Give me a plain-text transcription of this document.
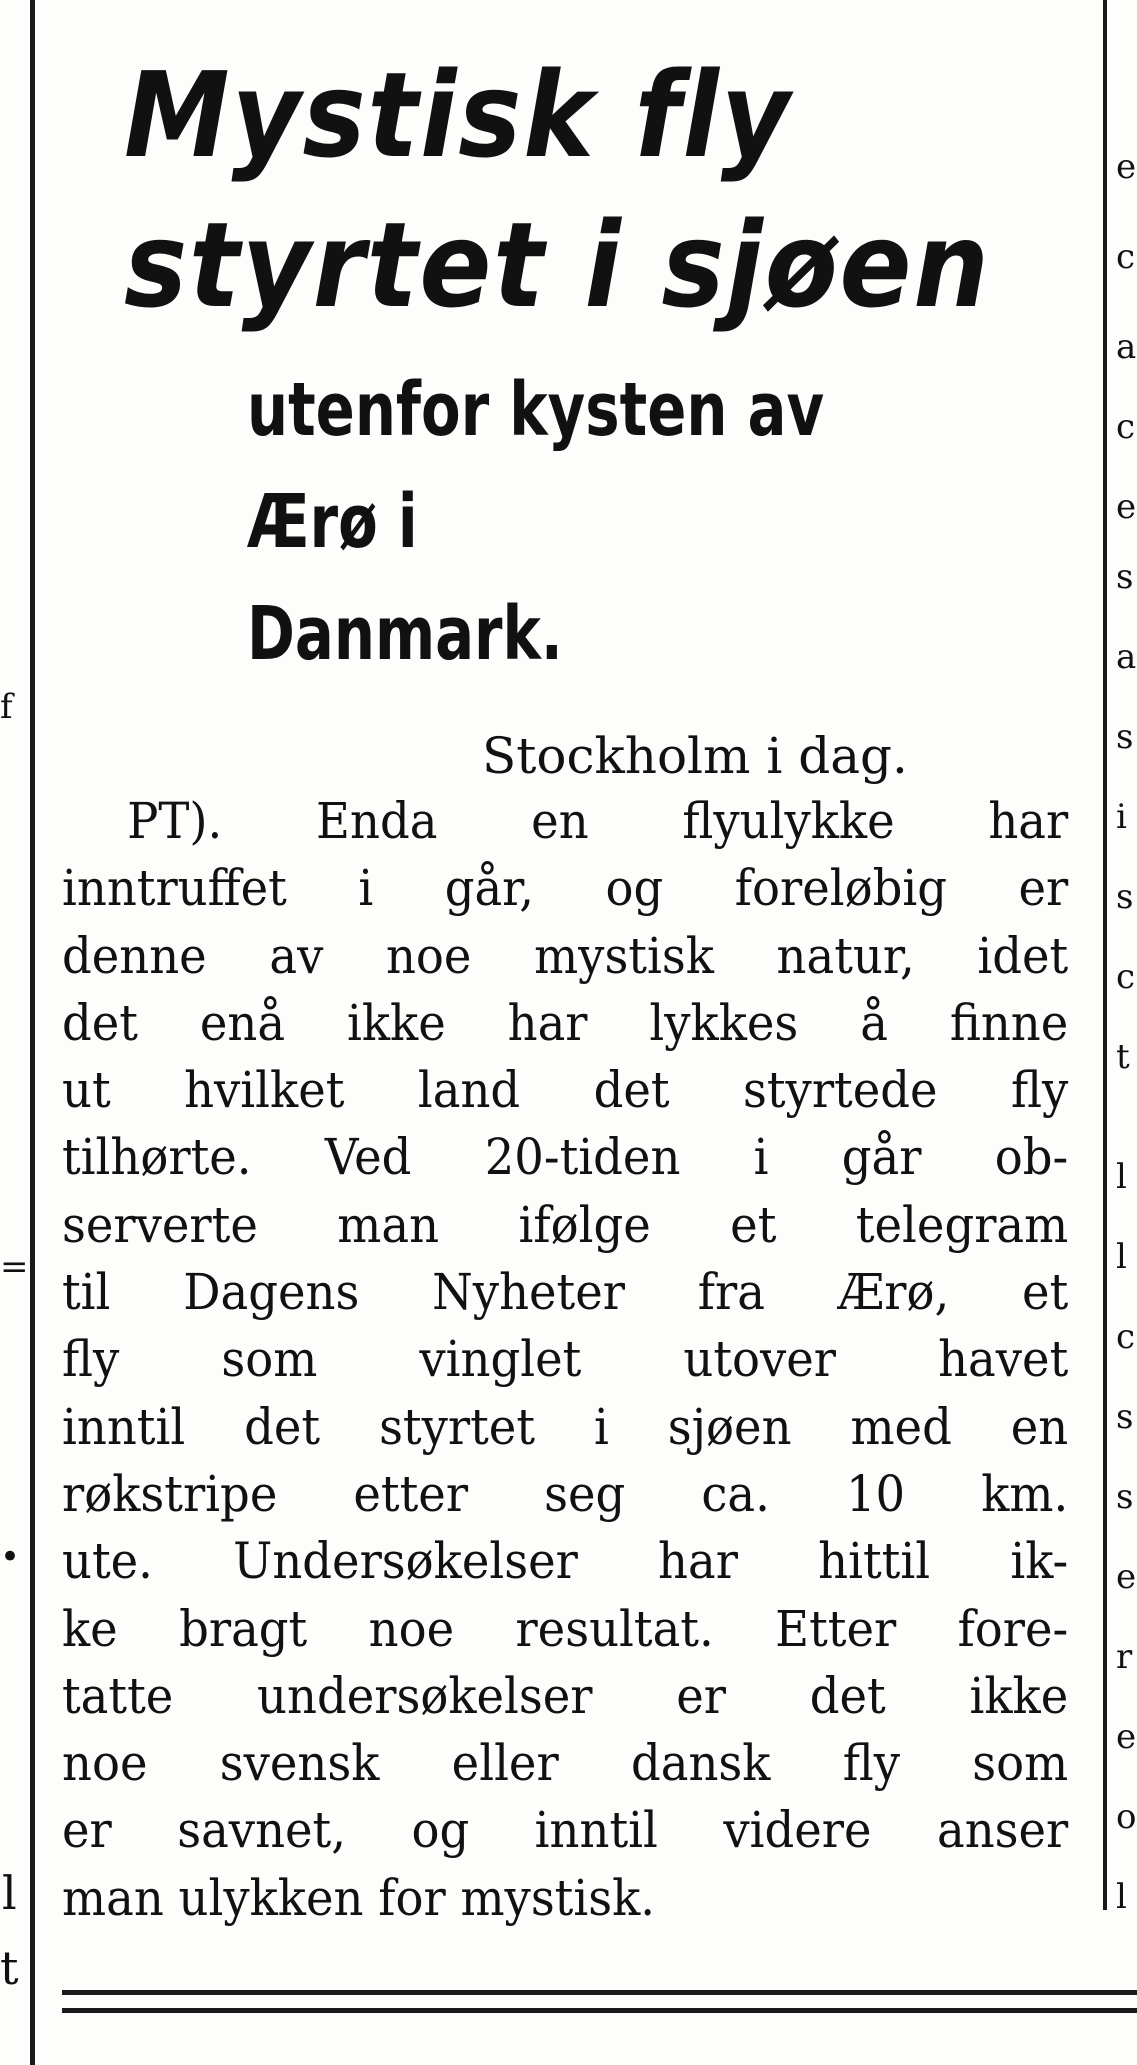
f
=
•
l
t
e
c
a
c
e
s
a
s
i
s
c
t
l
l
c
s
s
e
r
e
o
l
Mystisk fly
styrtet i sjøen
utenfor kysten av Ærø i
Danmark.
Stockholm i dag.
PT). Enda en flyulykke har
inntruffet i går, og foreløbig er
denne av noe mystisk natur, idet
det enå ikke har lykkes å finne
ut hvilket land det styrtede fly
tilhørte. Ved 20-tiden i går ob-
serverte man ifølge et telegram
til Dagens Nyheter fra Ærø, et
fly som vinglet utover havet
inntil det styrtet i sjøen med en
røkstripe etter seg ca. 10 km.
ute. Undersøkelser har hittil ik-
ke bragt noe resultat. Etter fore-
tatte undersøkelser er det ikke
noe svensk eller dansk fly som
er savnet, og inntil videre anser
man ulykken for mystisk.
